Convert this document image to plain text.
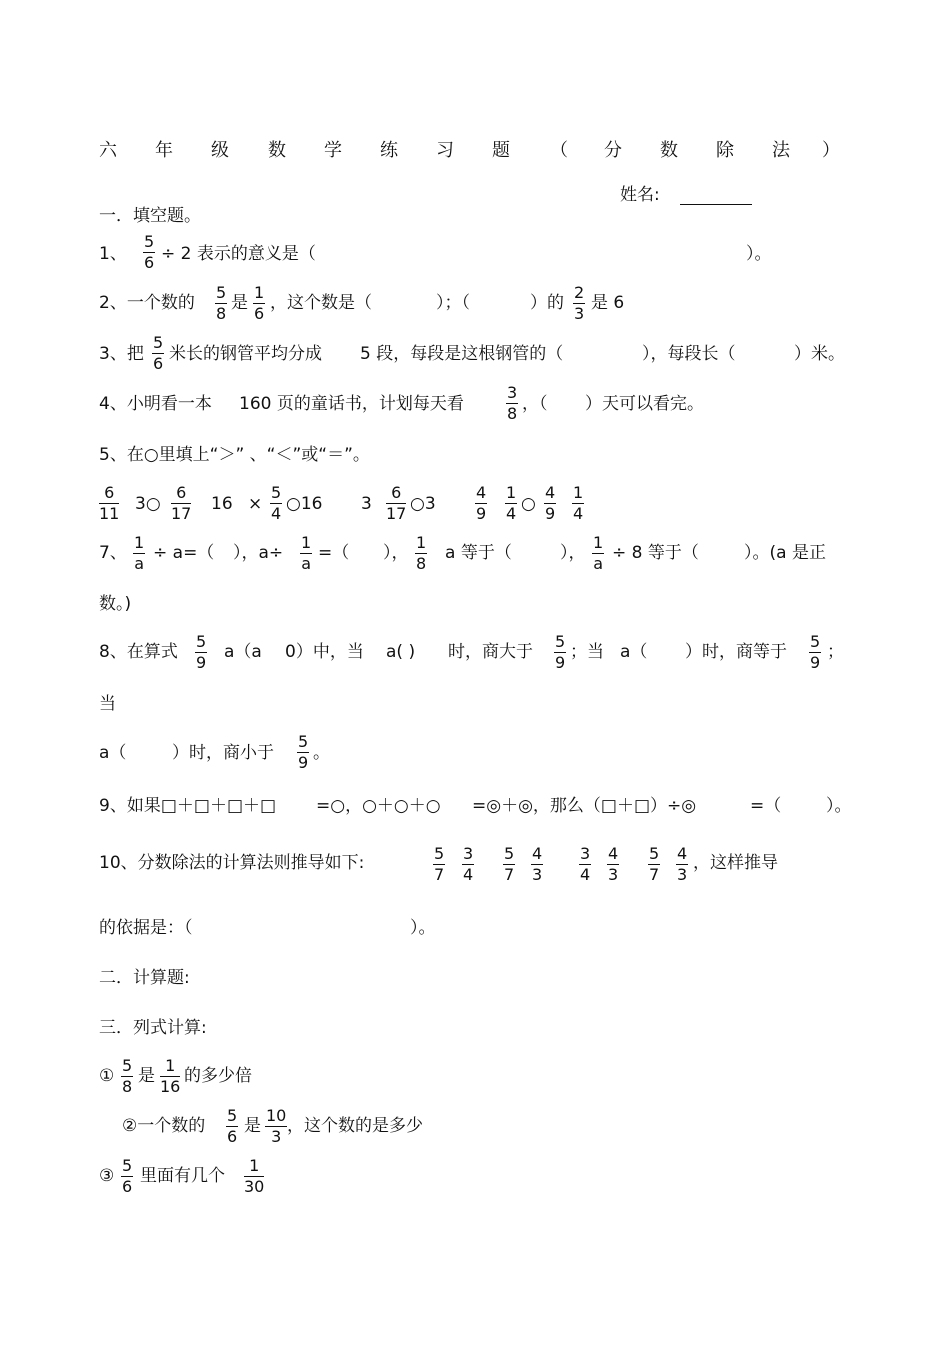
六 年 级 数 学 练 习 题 （ 分 数 除 法 ）
姓名:
一．填空题。
1、 $\frac{5}{6} \div 2$ 表示的意义是（	）。
2、一个数的 $\frac{5}{8}$ 是 $\frac{1}{6}$ ，这个数是（	）；（	）的 $\frac{2}{3}$ 是 6
3、把 $\frac{5}{6}$ 米长的钢管平均分成 5 段，每段是这根钢管的（	），每段长（	）米。
4、小明看一本 160 页的童话书，计划每天看	$\frac{3}{8}$ ，（ ）天可以看完。
5、在○里填上“＞” 、“＜”或“＝”。
$\frac{6}{11}$ 3○ $\frac{6}{17} 16 \times \frac{5}{4}$ ○16 $3 \frac{6}{17}$ ○3 $\frac{4}{9} \frac{1}{4}$ ○ $\frac{4}{9} \frac{1}{4}$
7、 $\frac{1}{a} \div a=$（ ），$a\div \frac{1}{a}$ =（ ）， $\frac{1}{8}$ a 等于（	）， $\frac{1}{a} \div 8$ 等于（	）。(a 是正
数。)
8、在算式 $\frac{5}{9} a(a$ 0）中，当 a( ) 时，商大于 $\frac{5}{9}$ ；当 a（ ）时，商等于 $\frac{5}{9}$ ；
当
a（	）时，商小于 $\frac{5}{9}$ 。
9、如果□＋□＋□＋□ =○，○＋○＋○ =◎＋◎，那么（□＋□）÷◎	=（	）。
10、分数除法的计算法则推导如下:	$\frac{5}{7} \frac{3}{4} \frac{5}{7} \frac{4}{3} \frac{3}{4} \frac{4}{3} \frac{5}{7} \frac{4}{3}$ ，这样推导
的依据是：（	）。
二．计算题:
三．列式计算:
① $\frac{5}{8}$ 是 $\frac{1}{16}$ 的多少倍
②一个数的 $\frac{5}{6}$ 是 $\frac{10}{3}$ ，这个数的是多少
③ $\frac{5}{6}$ 里面有几个 $\frac{1}{30}$
